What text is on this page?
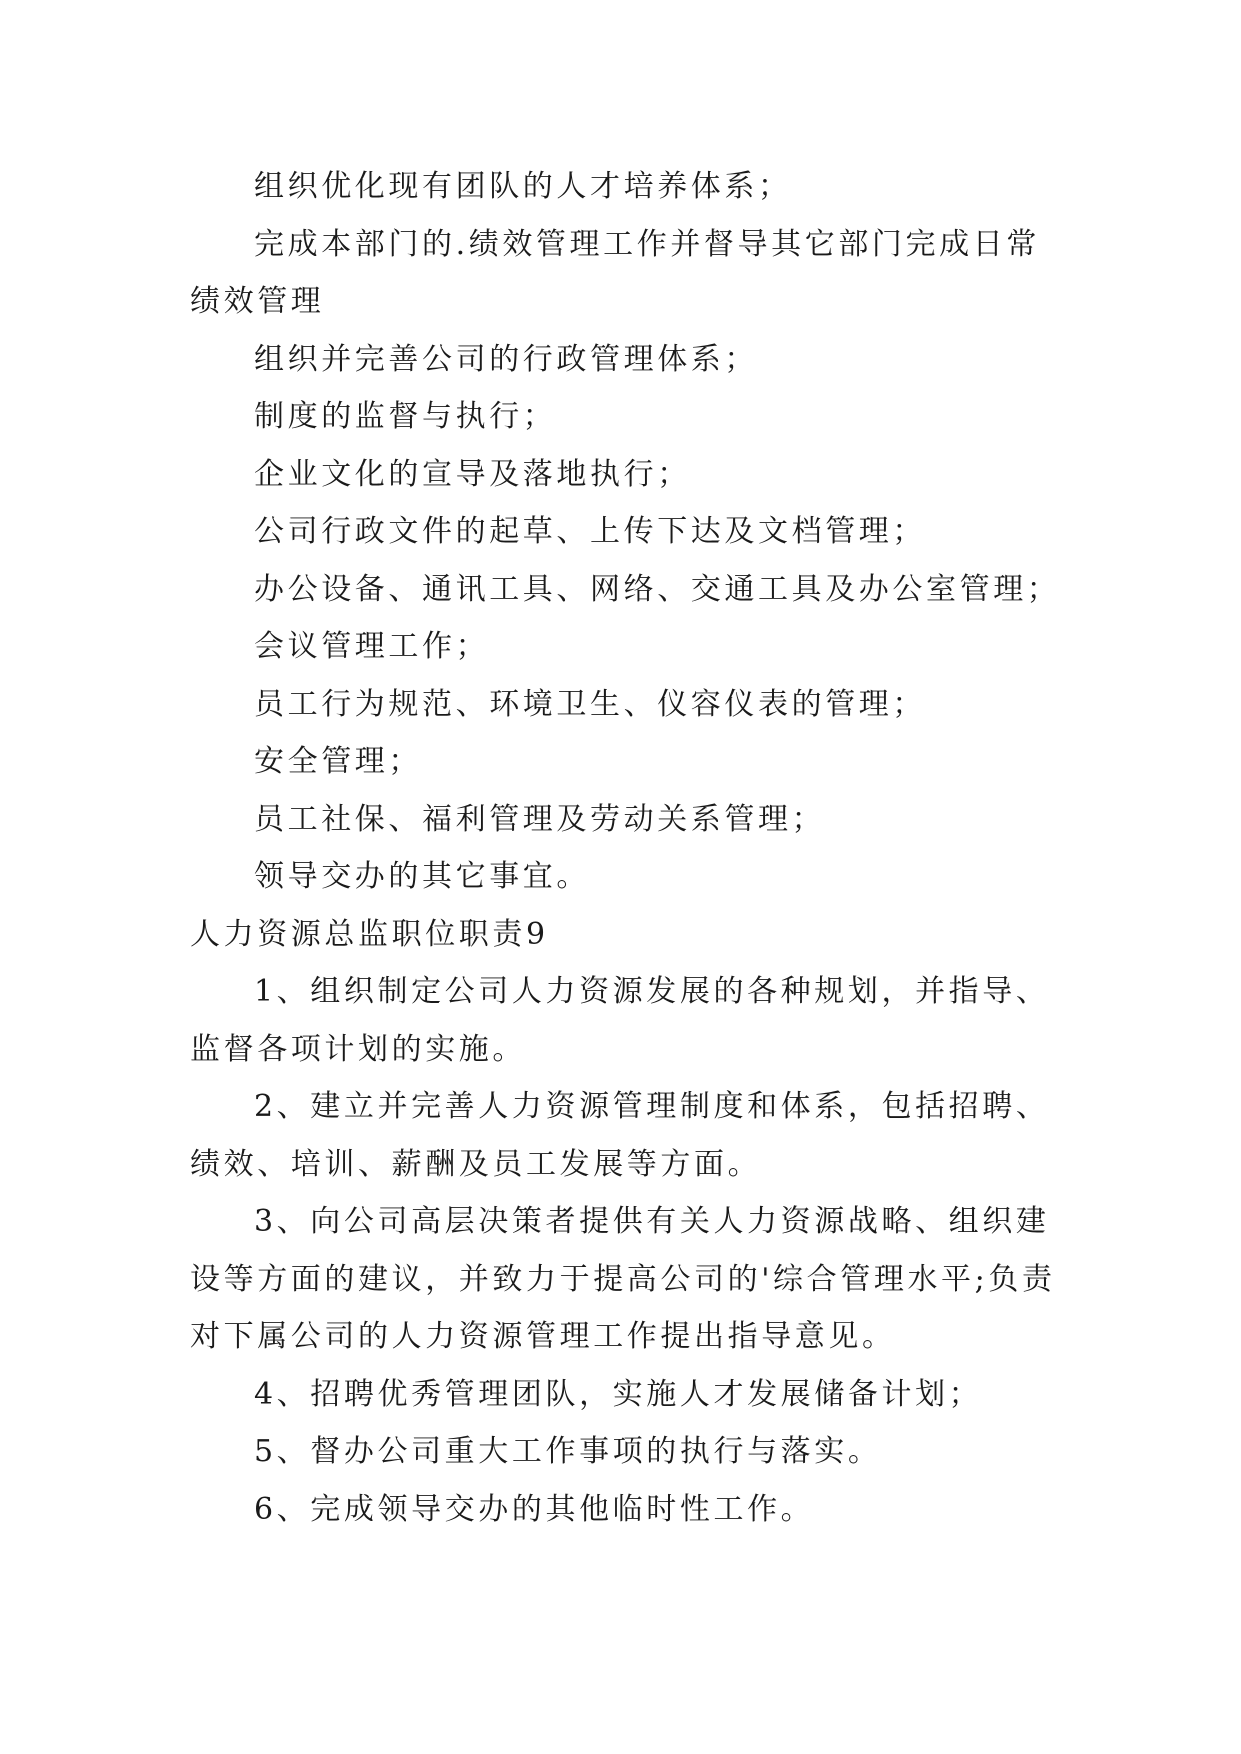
组织优化现有团队的人才培养体系；

完成本部门的.绩效管理工作并督导其它部门完成日常绩效管理

组织并完善公司的行政管理体系；

制度的监督与执行；

企业文化的宣导及落地执行；

公司行政文件的起草、上传下达及文档管理；

办公设备、通讯工具、网络、交通工具及办公室管理；

会议管理工作；

员工行为规范、环境卫生、仪容仪表的管理；

安全管理；

员工社保、福利管理及劳动关系管理；

领导交办的其它事宜。

人力资源总监职位职责9

1、组织制定公司人力资源发展的各种规划，并指导、监督各项计划的实施。

2、建立并完善人力资源管理制度和体系，包括招聘、绩效、培训、薪酬及员工发展等方面。

3、向公司高层决策者提供有关人力资源战略、组织建设等方面的建议，并致力于提高公司的'综合管理水平;负责对下属公司的人力资源管理工作提出指导意见。

4、招聘优秀管理团队，实施人才发展储备计划；

5、督办公司重大工作事项的执行与落实。

6、完成领导交办的其他临时性工作。
